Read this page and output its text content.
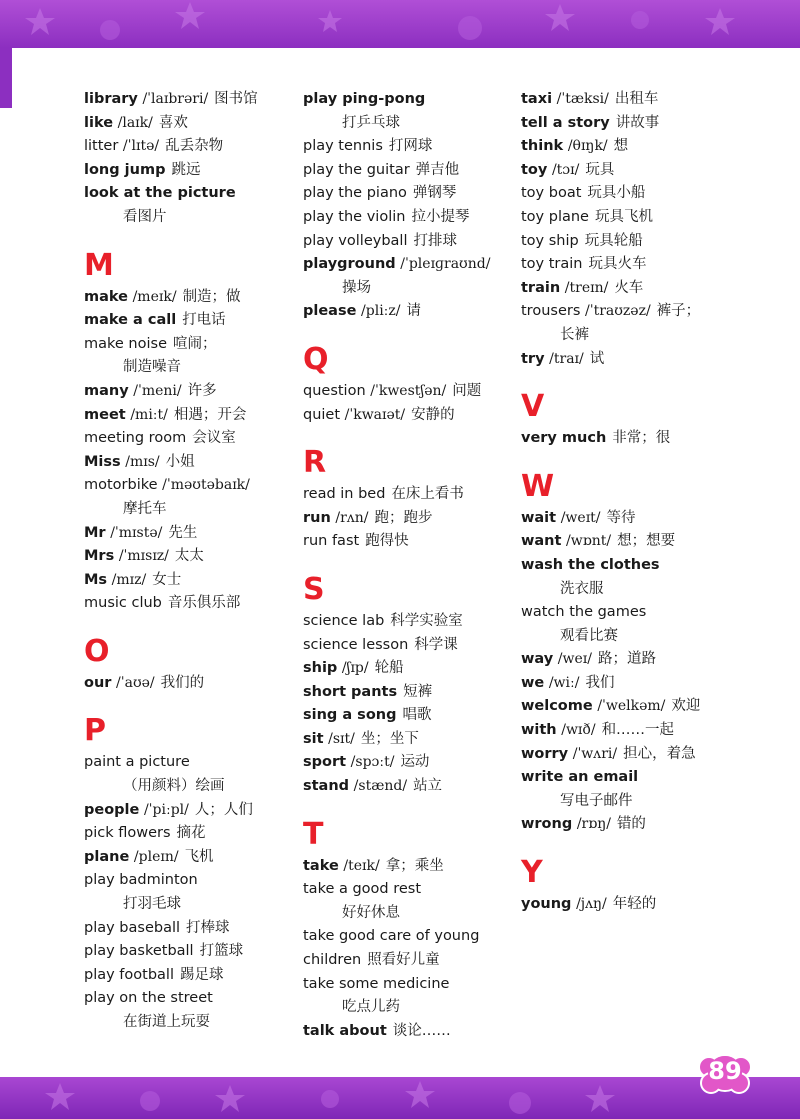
89
library /ˈlaɪbrəri/ 图书馆
like /laɪk/ 喜欢
litter /ˈlɪtə/ 乱丢杂物
long jump 跳远
look at the picture
看图片
M
make /meɪk/ 制造；做
make a call 打电话
make noise 喧闹；
制造噪音
many /ˈmeni/ 许多
meet /miːt/ 相遇；开会
meeting room 会议室
Miss /mɪs/ 小姐
motorbike /ˈməʊtəbaɪk/
摩托车
Mr /ˈmɪstə/ 先生
Mrs /ˈmɪsɪz/ 太太
Ms /mɪz/ 女士
music club 音乐俱乐部
O
our /ˈaʊə/ 我们的
P
paint a picture
（用颜料）绘画
people /ˈpiːpl/ 人；人们
pick flowers 摘花
plane /pleɪn/ 飞机
play badminton
打羽毛球
play baseball 打棒球
play basketball 打篮球
play football 踢足球
play on the street
在街道上玩耍
play ping-pong
打乒乓球
play tennis 打网球
play the guitar 弹吉他
play the piano 弹钢琴
play the violin 拉小提琴
play volleyball 打排球
playground /ˈpleɪɡraʊnd/
操场
please /pliːz/ 请
Q
question /ˈkwestʃən/ 问题
quiet /ˈkwaɪət/ 安静的
R
read in bed 在床上看书
run /rʌn/ 跑；跑步
run fast 跑得快
S
science lab 科学实验室
science lesson 科学课
ship /ʃɪp/ 轮船
short pants 短裤
sing a song 唱歌
sit /sɪt/ 坐；坐下
sport /spɔːt/ 运动
stand /stænd/ 站立
T
take /teɪk/ 拿；乘坐
take a good rest
好好休息
take good care of young
children 照看好儿童
take some medicine
吃点儿药
talk about 谈论……
taxi /ˈtæksi/ 出租车
tell a story 讲故事
think /θɪŋk/ 想
toy /tɔɪ/ 玩具
toy boat 玩具小船
toy plane 玩具飞机
toy ship 玩具轮船
toy train 玩具火车
train /treɪn/ 火车
trousers /ˈtraʊzəz/ 裤子；
长裤
try /traɪ/ 试
V
very much 非常；很
W
wait /weɪt/ 等待
want /wɒnt/ 想；想要
wash the clothes
洗衣服
watch the games
观看比赛
way /weɪ/ 路；道路
we /wiː/ 我们
welcome /ˈwelkəm/ 欢迎
with /wɪð/ 和……一起
worry /ˈwʌri/ 担心，着急
write an email
写电子邮件
wrong /rɒŋ/ 错的
Y
young /jʌŋ/ 年轻的
